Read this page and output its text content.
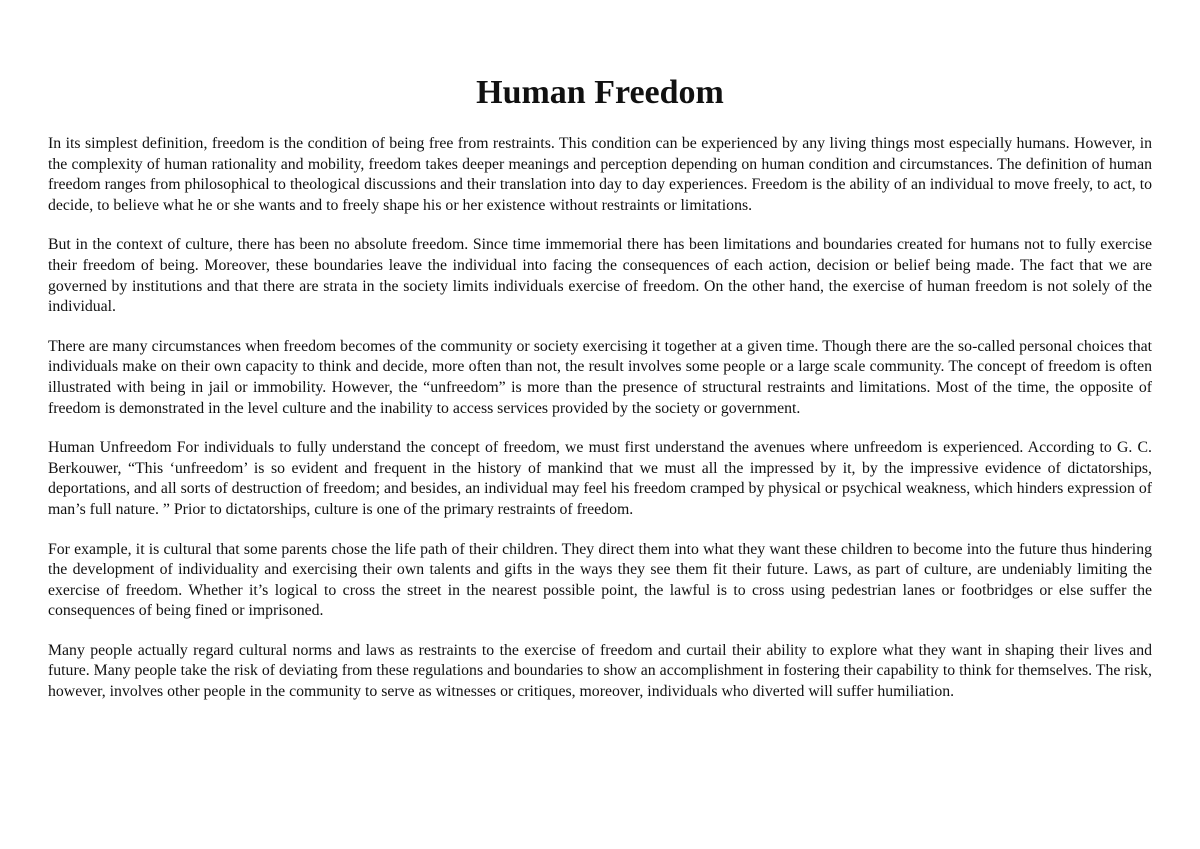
Human Freedom

In its simplest definition, freedom is the condition of being free from restraints. This condition can be experienced by any living things most especially humans. However, in the complexity of human rationality and mobility, freedom takes deeper meanings and perception depending on human condition and circumstances. The definition of human freedom ranges from philosophical to theological discussions and their translation into day to day experiences. Freedom is the ability of an individual to move freely, to act, to decide, to believe what he or she wants and to freely shape his or her existence without restraints or limitations.

But in the context of culture, there has been no absolute freedom. Since time immemorial there has been limitations and boundaries created for humans not to fully exercise their freedom of being. Moreover, these boundaries leave the individual into facing the consequences of each action, decision or belief being made. The fact that we are governed by institutions and that there are strata in the society limits individuals exercise of freedom. On the other hand, the exercise of human freedom is not solely of the individual.

There are many circumstances when freedom becomes of the community or society exercising it together at a given time. Though there are the so-called personal choices that individuals make on their own capacity to think and decide, more often than not, the result involves some people or a large scale community. The concept of freedom is often illustrated with being in jail or immobility. However, the “unfreedom” is more than the presence of structural restraints and limitations. Most of the time, the opposite of freedom is demonstrated in the level culture and the inability to access services provided by the society or government.

Human Unfreedom For individuals to fully understand the concept of freedom, we must first understand the avenues where unfreedom is experienced. According to G. C. Berkouwer, “This ‘unfreedom’ is so evident and frequent in the history of mankind that we must all the impressed by it, by the impressive evidence of dictatorships, deportations, and all sorts of destruction of freedom; and besides, an individual may feel his freedom cramped by physical or psychical weakness, which hinders expression of man’s full nature. ” Prior to dictatorships, culture is one of the primary restraints of freedom.

For example, it is cultural that some parents chose the life path of their children. They direct them into what they want these children to become into the future thus hindering the development of individuality and exercising their own talents and gifts in the ways they see them fit their future. Laws, as part of culture, are undeniably limiting the exercise of freedom. Whether it’s logical to cross the street in the nearest possible point, the lawful is to cross using pedestrian lanes or footbridges or else suffer the consequences of being fined or imprisoned.

Many people actually regard cultural norms and laws as restraints to the exercise of freedom and curtail their ability to explore what they want in shaping their lives and future. Many people take the risk of deviating from these regulations and boundaries to show an accomplishment in fostering their capability to think for themselves. The risk, however, involves other people in the community to serve as witnesses or critiques, moreover, individuals who diverted will suffer humiliation.
